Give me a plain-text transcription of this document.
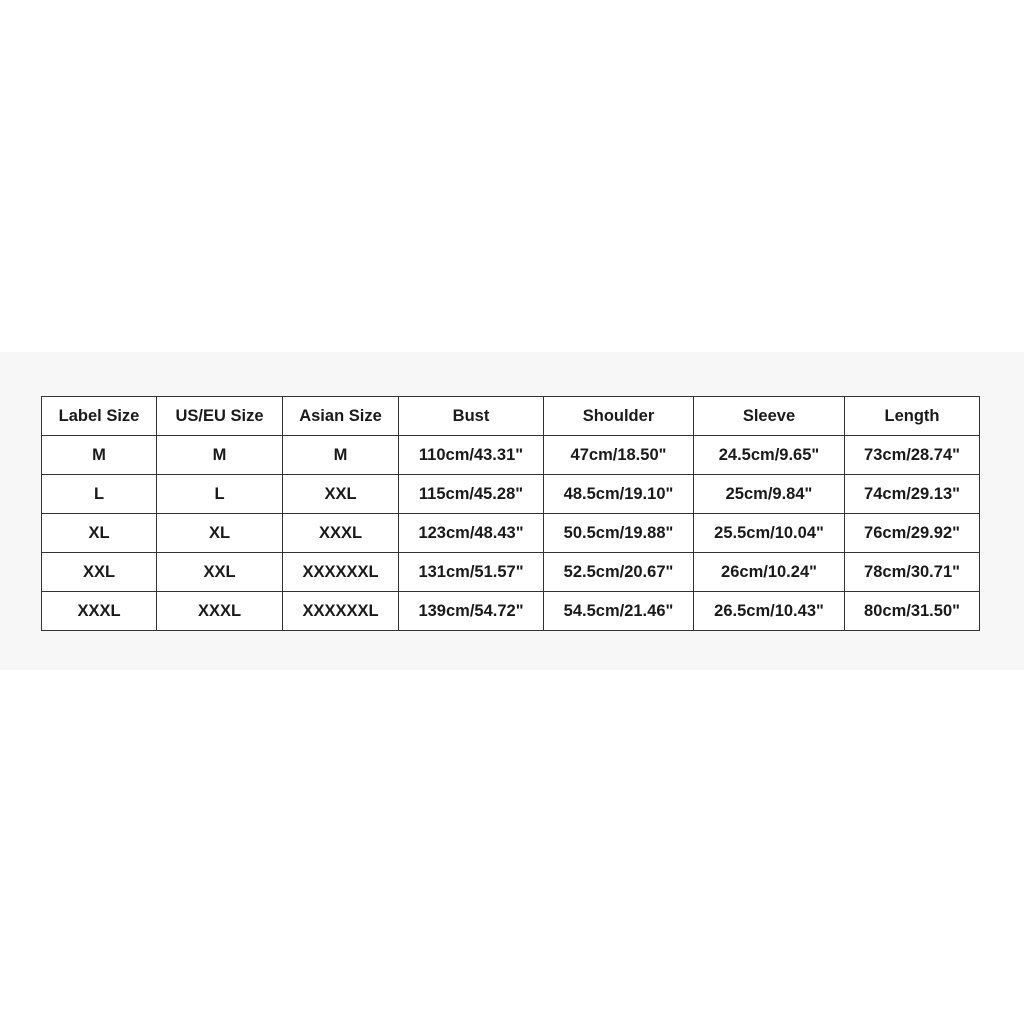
Label Size	US/EU Size	Asian Size	Bust	Shoulder	Sleeve	Length
M	M	M	110cm/43.31"	47cm/18.50"	24.5cm/9.65"	73cm/28.74"
L	L	XXL	115cm/45.28"	48.5cm/19.10"	25cm/9.84"	74cm/29.13"
XL	XL	XXXL	123cm/48.43"	50.5cm/19.88"	25.5cm/10.04"	76cm/29.92"
XXL	XXL	XXXXXXL	131cm/51.57"	52.5cm/20.67"	26cm/10.24"	78cm/30.71"
XXXL	XXXL	XXXXXXL	139cm/54.72"	54.5cm/21.46"	26.5cm/10.43"	80cm/31.50"
